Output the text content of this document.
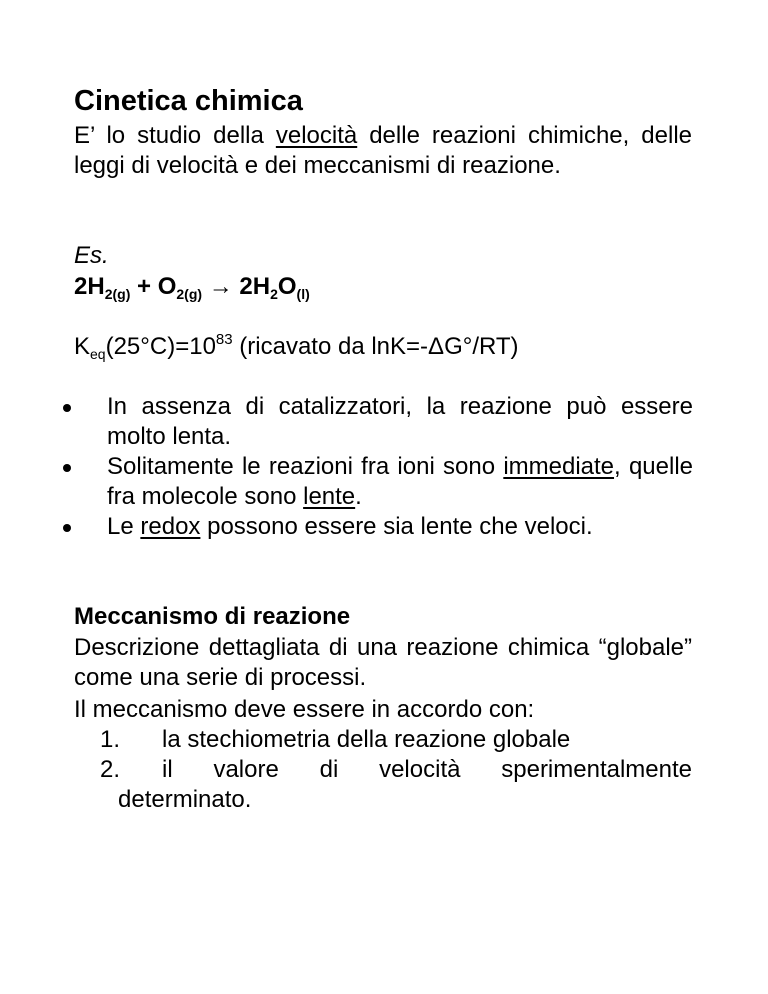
Cinetica chimica
E’ lo studio della velocità delle reazioni chimiche, delle leggi di velocità e dei meccanismi di reazione.
Es.
$2H_{2(g)} + O_{2(g)} \to 2H_2O_{(l)}$
$K_{eq}(25^\circ C)=10^{83}$ (ricavato da lnK=-ΔG°/RT)
In assenza di catalizzatori, la reazione può essere molto lenta.
Solitamente le reazioni fra ioni sono immediate, quelle fra molecole sono lente.
Le redox possono essere sia lente che veloci.
Meccanismo di reazione
Descrizione dettagliata di una reazione chimica “globale” come una serie di processi.
Il meccanismo deve essere in accordo con:
1. la stechiometria della reazione globale
2. il valore di velocità sperimentalmente
determinato.
